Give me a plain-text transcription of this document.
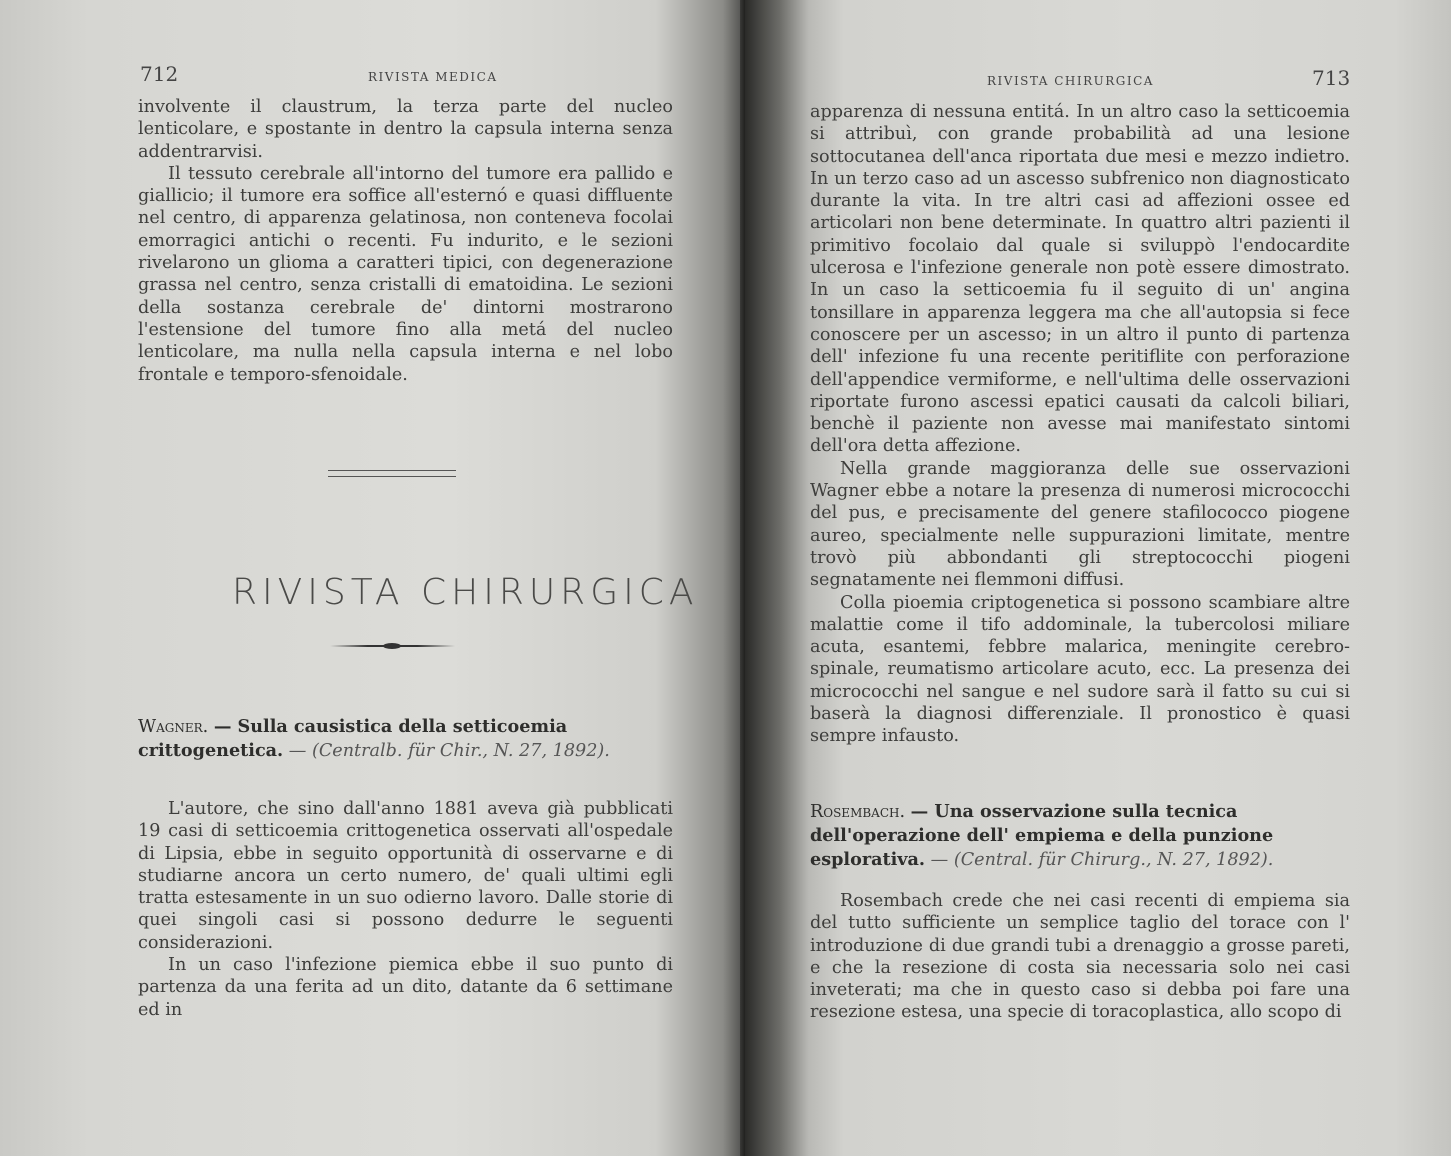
712	RIVISTA MEDICA

involvente il claustrum, la terza parte del nucleo lenticolare, e spostante in dentro la capsula interna senza addentrarvisi.

Il tessuto cerebrale all'intorno del tumore era pallido e giallicio; il tumore era soffice all'esternó e quasi diffluente nel centro, di apparenza gelatinosa, non conteneva focolai emorragici antichi o recenti. Fu indurito, e le sezioni rivelarono un glioma a caratteri tipici, con degenerazione grassa nel centro, senza cristalli di ematoidina. Le sezioni della sostanza cerebrale de' dintorni mostrarono l'estensione del tumore fino alla metá del nucleo lenticolare, ma nulla nella capsula interna e nel lobo frontale e temporo-sfenoidale.

RIVISTA CHIRURGICA
Wagner. — Sulla causistica della setticoemia crittogenetica. — (Centralb. für Chir., N. 27, 1892).

L'autore, che sino dall'anno 1881 aveva già pubblicati 19 casi di setticoemia crittogenetica osservati all'ospedale di Lipsia, ebbe in seguito opportunità di osservarne e di studiarne ancora un certo numero, de' quali ultimi egli tratta estesamente in un suo odierno lavoro. Dalle storie di quei singoli casi si possono dedurre le seguenti considerazioni.

In un caso l'infezione piemica ebbe il suo punto di partenza da una ferita ad un dito, datante da 6 settimane ed in

RIVISTA CHIRURGICA	713

apparenza di nessuna entitá. In un altro caso la setticoemia si attribuì, con grande probabilità ad una lesione sottocutanea dell'anca riportata due mesi e mezzo indietro. In un terzo caso ad un ascesso subfrenico non diagnosticato durante la vita. In tre altri casi ad affezioni ossee ed articolari non bene determinate. In quattro altri pazienti il primitivo focolaio dal quale si sviluppò l'endocardite ulcerosa e l'infezione generale non potè essere dimostrato. In un caso la setticoemia fu il seguito di un' angina tonsillare in apparenza leggera ma che all'autopsia si fece conoscere per un ascesso; in un altro il punto di partenza dell' infezione fu una recente peritiflite con perforazione dell'appendice vermiforme, e nell'ultima delle osservazioni riportate furono ascessi epatici causati da calcoli biliari, benchè il paziente non avesse mai manifestato sintomi dell'ora detta affezione.

Nella grande maggioranza delle sue osservazioni Wagner ebbe a notare la presenza di numerosi micrococchi del pus, e precisamente del genere stafilococco piogene aureo, specialmente nelle suppurazioni limitate, mentre trovò più abbondanti gli streptococchi piogeni segnatamente nei flemmoni diffusi.

Colla pioemia criptogenetica si possono scambiare altre malattie come il tifo addominale, la tubercolosi miliare acuta, esantemi, febbre malarica, meningite cerebro-spinale, reumatismo articolare acuto, ecc. La presenza dei micrococchi nel sangue e nel sudore sarà il fatto su cui si baserà la diagnosi differenziale. Il pronostico è quasi sempre infausto.

Rosembach. — Una osservazione sulla tecnica dell'operazione dell' empiema e della punzione esplorativa. — (Central. für Chirurg., N. 27, 1892).

Rosembach crede che nei casi recenti di empiema sia del tutto sufficiente un semplice taglio del torace con l' introduzione di due grandi tubi a drenaggio a grosse pareti, e che la resezione di costa sia necessaria solo nei casi inveterati; ma che in questo caso si debba poi fare una resezione estesa, una specie di toracoplastica, allo scopo di
